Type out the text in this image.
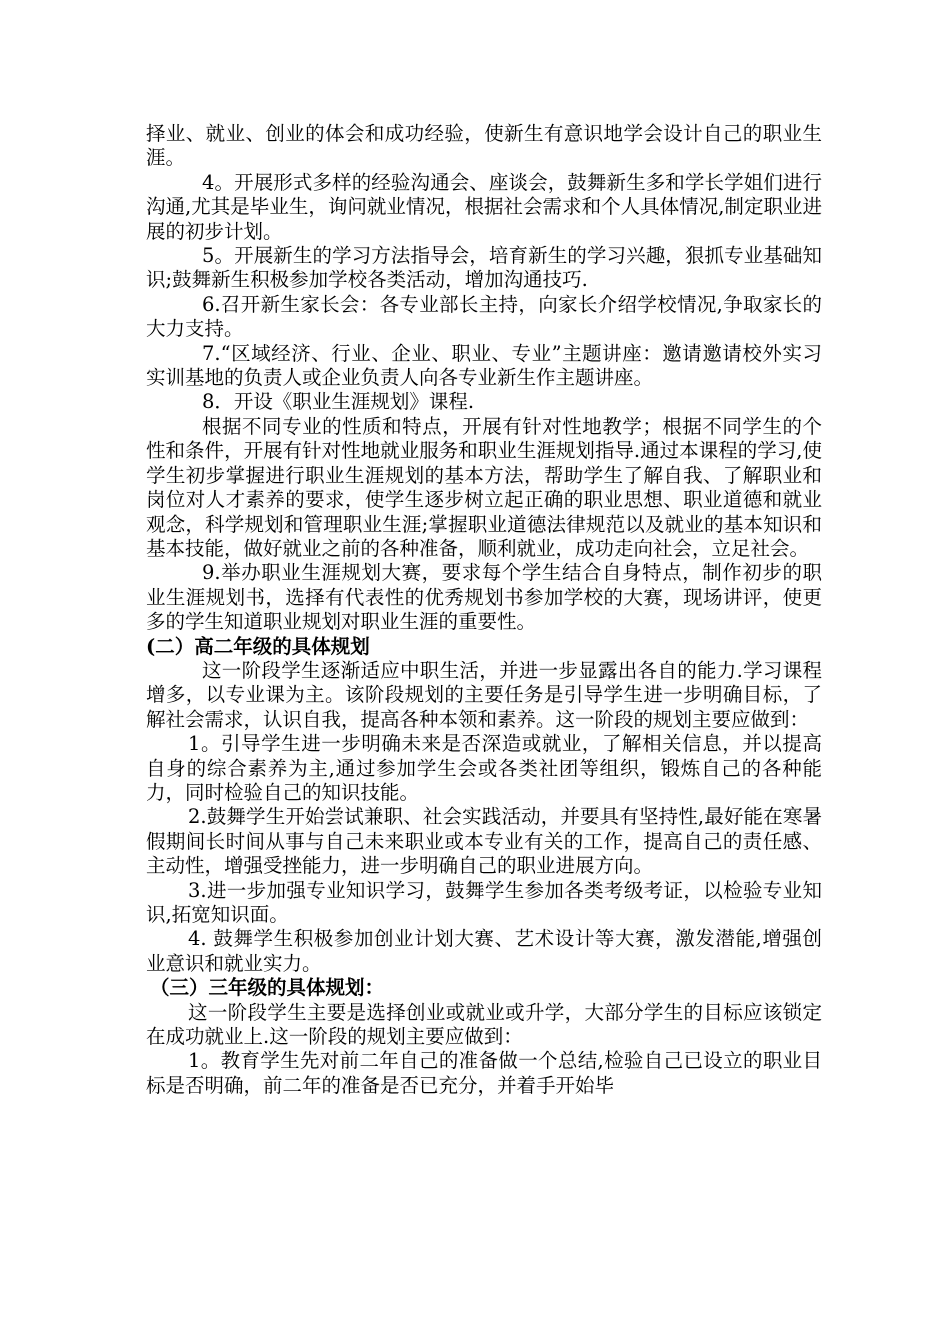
择业、就业、创业的体会和成功经验，使新生有意识地学会设计自己的职业生涯。

4。开展形式多样的经验沟通会、座谈会，鼓舞新生多和学长学姐们进行沟通,尤其是毕业生，询问就业情况，根据社会需求和个人具体情况,制定职业进展的初步计划。

5。开展新生的学习方法指导会，培育新生的学习兴趣，狠抓专业基础知识;鼓舞新生积极参加学校各类活动，增加沟通技巧.

6.召开新生家长会：各专业部长主持，向家长介绍学校情况,争取家长的大力支持。

7.“区域经济、行业、企业、职业、专业”主题讲座：邀请邀请校外实习实训基地的负责人或企业负责人向各专业新生作主题讲座。

8．开设《职业生涯规划》课程.

根据不同专业的性质和特点，开展有针对性地教学；根据不同学生的个性和条件，开展有针对性地就业服务和职业生涯规划指导.通过本课程的学习,使学生初步掌握进行职业生涯规划的基本方法，帮助学生了解自我、了解职业和岗位对人才素养的要求，使学生逐步树立起正确的职业思想、职业道德和就业观念，科学规划和管理职业生涯;掌握职业道德法律规范以及就业的基本知识和基本技能，做好就业之前的各种准备，顺利就业，成功走向社会，立足社会。

9.举办职业生涯规划大赛，要求每个学生结合自身特点，制作初步的职业生涯规划书，选择有代表性的优秀规划书参加学校的大赛，现场讲评，使更多的学生知道职业规划对职业生涯的重要性。

(二）高二年级的具体规划

这一阶段学生逐渐适应中职生活，并进一步显露出各自的能力.学习课程增多，以专业课为主。该阶段规划的主要任务是引导学生进一步明确目标，了解社会需求，认识自我，提高各种本领和素养。这一阶段的规划主要应做到：

1。引导学生进一步明确未来是否深造或就业，了解相关信息，并以提高自身的综合素养为主,通过参加学生会或各类社团等组织，锻炼自己的各种能力，同时检验自己的知识技能。

2.鼓舞学生开始尝试兼职、社会实践活动，并要具有坚持性,最好能在寒暑假期间长时间从事与自己未来职业或本专业有关的工作，提高自己的责任感、主动性，增强受挫能力，进一步明确自己的职业进展方向。

3.进一步加强专业知识学习，鼓舞学生参加各类考级考证，以检验专业知识,拓宽知识面。

4. 鼓舞学生积极参加创业计划大赛、艺术设计等大赛，激发潜能,增强创业意识和就业实力。

（三）三年级的具体规划：

这一阶段学生主要是选择创业或就业或升学，大部分学生的目标应该锁定在成功就业上.这一阶段的规划主要应做到：

1。教育学生先对前二年自己的准备做一个总结,检验自己已设立的职业目标是否明确，前二年的准备是否已充分，并着手开始毕
